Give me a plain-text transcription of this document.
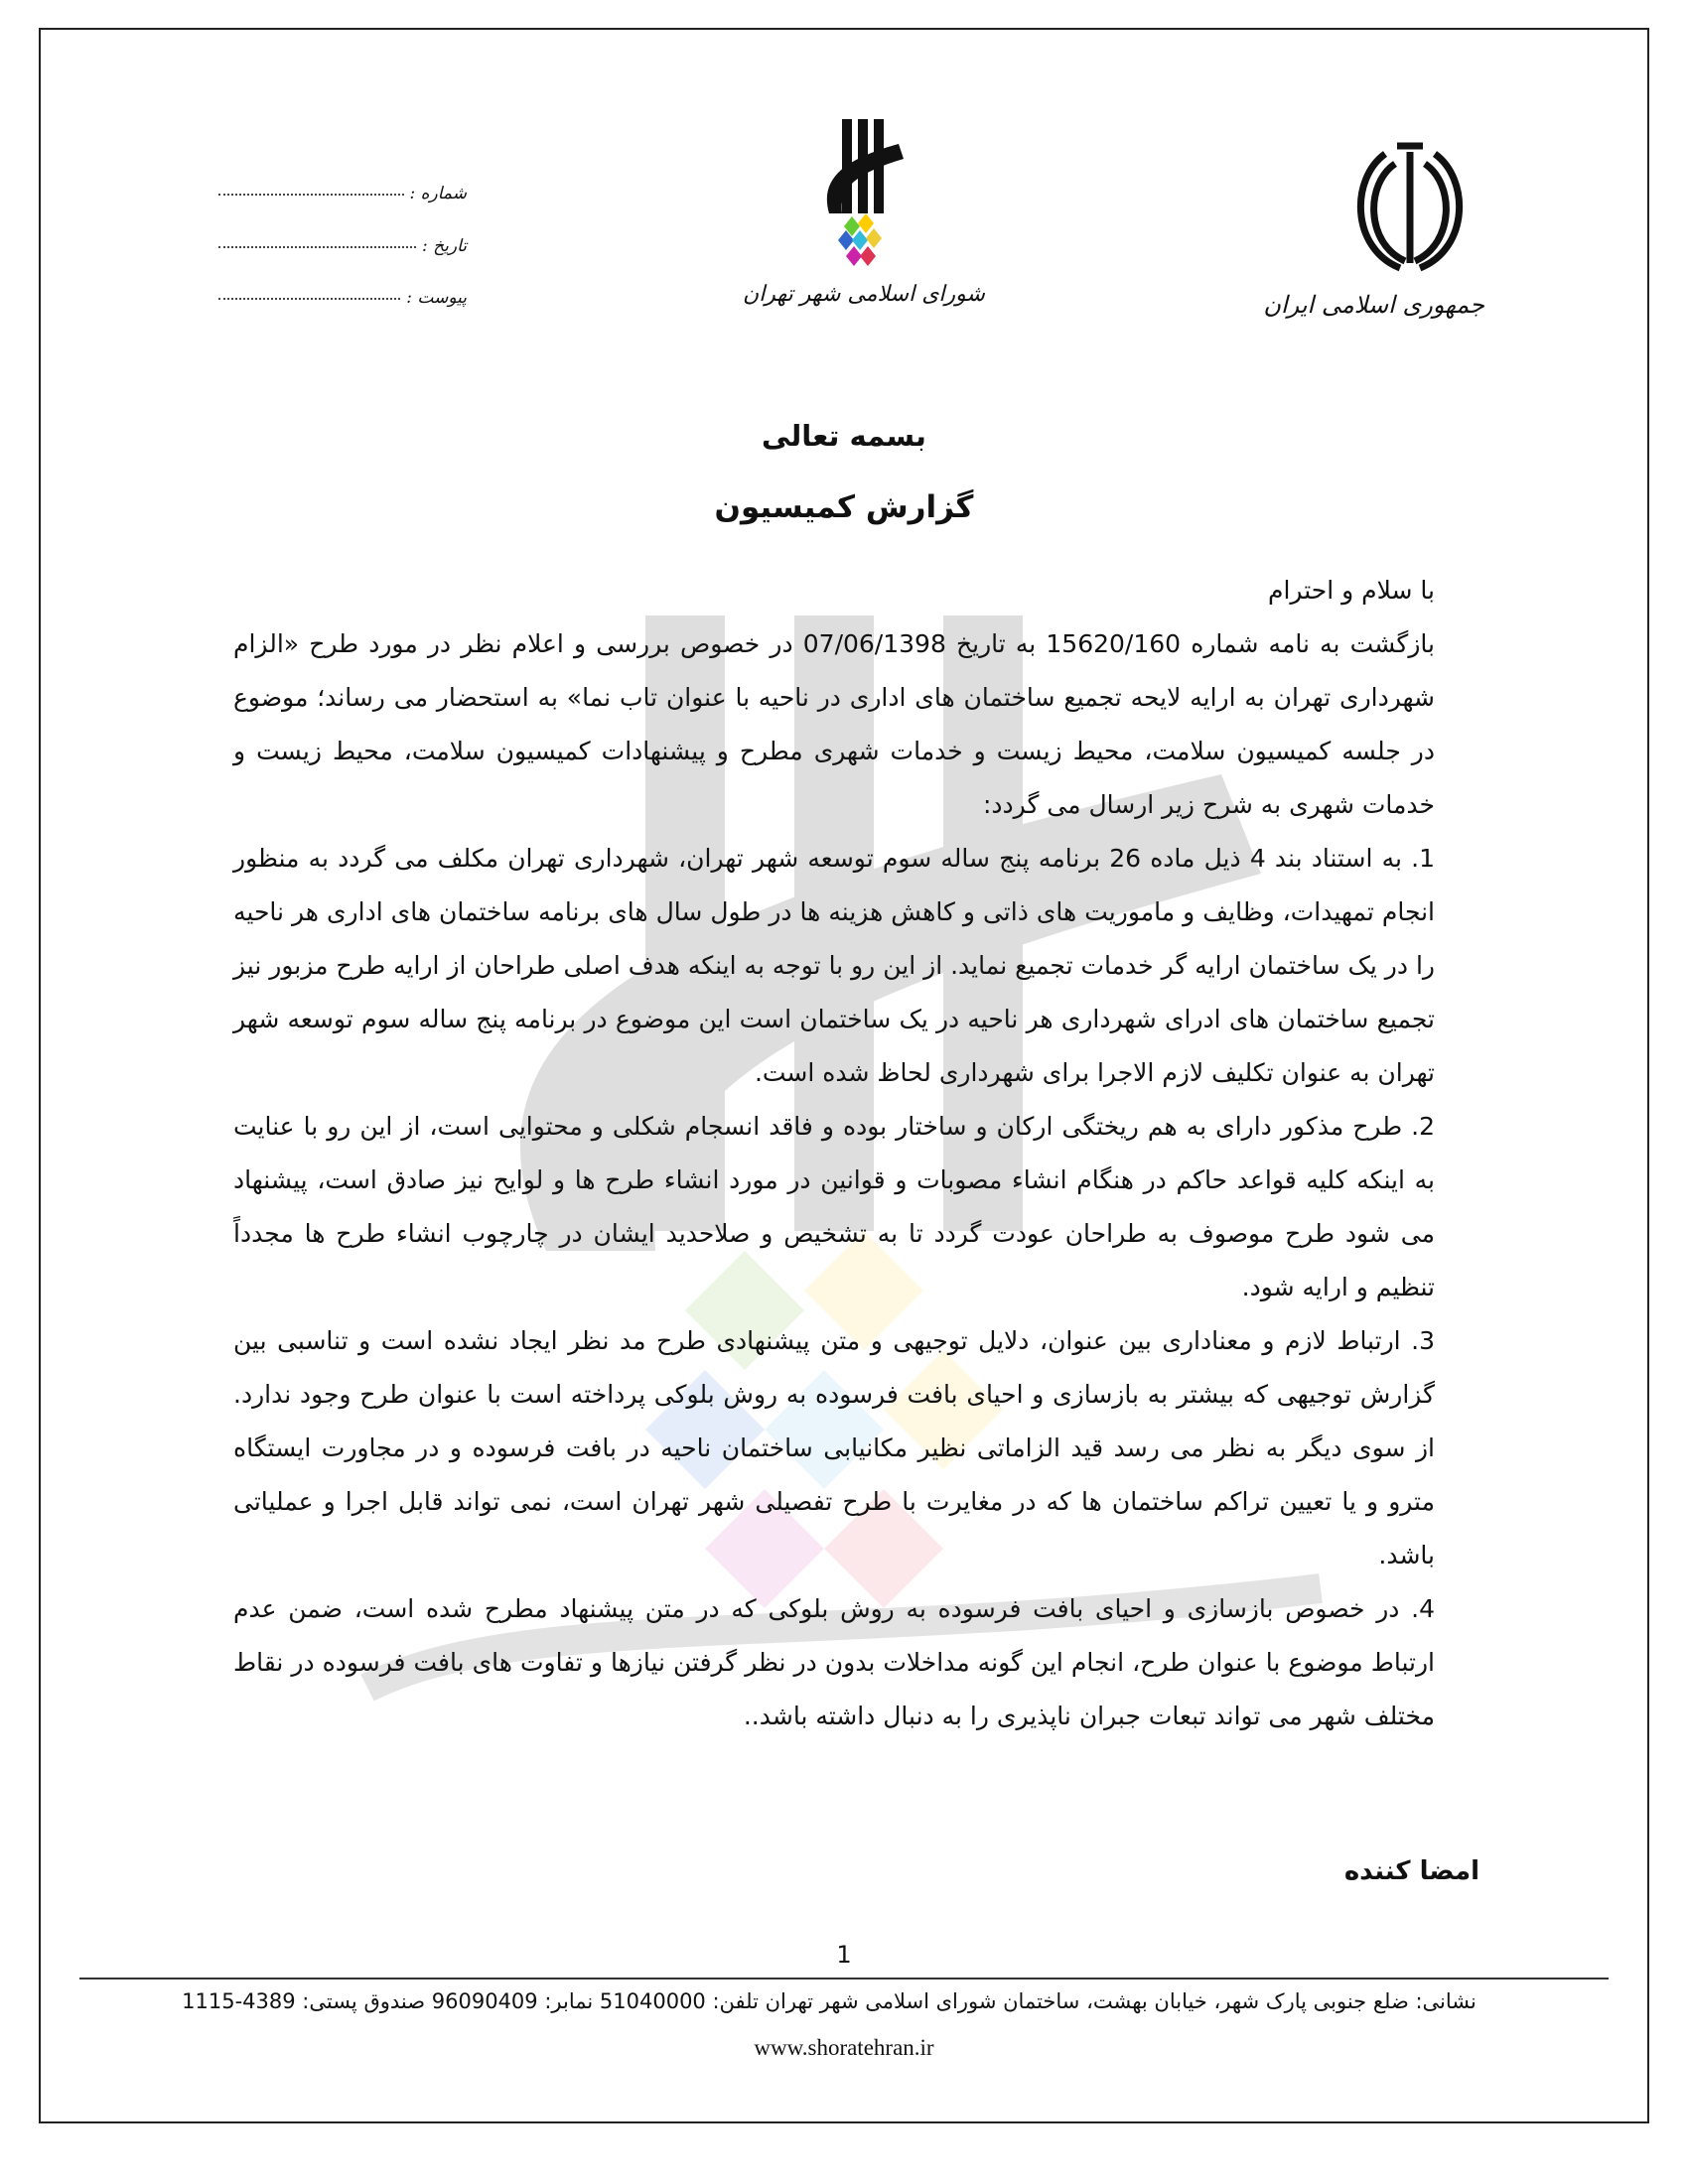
جمهوری اسلامی ایران
شورای اسلامی شهر تهران
شماره :
تاریخ :
پیوست :
بسمه تعالی
گزارش کمیسیون

با سلام و احترام

بازگشت به نامه شماره 15620/160 به تاریخ 07/06/1398 در خصوص بررسی و اعلام نظر در مورد طرح «الزام شهرداری تهران به ارایه لایحه تجمیع ساختمان های اداری در ناحیه با عنوان تاب نما» به استحضار می رساند؛ موضوع در جلسه کمیسیون سلامت، محیط زیست و خدمات شهری مطرح و پیشنهادات کمیسیون سلامت، محیط زیست و خدمات شهری به شرح زیر ارسال می گردد:

1. به استناد بند 4 ذیل ماده 26 برنامه پنج ساله سوم توسعه شهر تهران، شهرداری تهران مکلف می گردد به منظور انجام تمهیدات، وظایف و ماموریت های ذاتی و کاهش هزینه ها در طول سال های برنامه ساختمان های اداری هر ناحیه را در یک ساختمان ارایه گر خدمات تجمیع نماید. از این رو با توجه به اینکه هدف اصلی طراحان از ارایه طرح مزبور نیز تجمیع ساختمان های ادرای شهرداری هر ناحیه در یک ساختمان است این موضوع در برنامه پنج ساله سوم توسعه شهر تهران به عنوان تکلیف لازم الاجرا برای شهرداری لحاظ شده است.

2. طرح مذکور دارای به هم ریختگی ارکان و ساختار بوده و فاقد انسجام شکلی و محتوایی است، از این رو با عنایت به اینکه کلیه قواعد حاکم در هنگام انشاء مصوبات و قوانین در مورد انشاء طرح ها و لوایح نیز صادق است، پیشنهاد می شود طرح موصوف به طراحان عودت گردد تا به تشخیص و صلاحدید ایشان در چارچوب انشاء طرح ها مجدداً تنظیم و ارایه شود.

3. ارتباط لازم و معناداری بین عنوان، دلایل توجیهی و متن پیشنهادی طرح مد نظر ایجاد نشده است و تناسبی بین گزارش توجیهی که بیشتر به بازسازی و احیای بافت فرسوده به روش بلوکی پرداخته است با عنوان طرح وجود ندارد. از سوی دیگر به نظر می رسد قید الزاماتی نظیر مکانیابی ساختمان ناحیه در بافت فرسوده و در مجاورت ایستگاه مترو و یا تعیین تراکم ساختمان ها که در مغایرت با طرح تفصیلی شهر تهران است، نمی تواند قابل اجرا و عملیاتی باشد.

4. در خصوص بازسازی و احیای بافت فرسوده به روش بلوکی که در متن پیشنهاد مطرح شده است، ضمن عدم ارتباط موضوع با عنوان طرح، انجام این گونه مداخلات بدون در نظر گرفتن نیازها و تفاوت های بافت فرسوده در نقاط مختلف شهر می تواند تبعات جبران ناپذیری را به دنبال داشته باشد..

امضا کننده
1
نشانی: ضلع جنوبی پارک شهر، خیابان بهشت، ساختمان شورای اسلامی شهر تهران تلفن: 51040000 نمابر: 96090409 صندوق پستی: 4389-1115
www.shoratehran.ir
